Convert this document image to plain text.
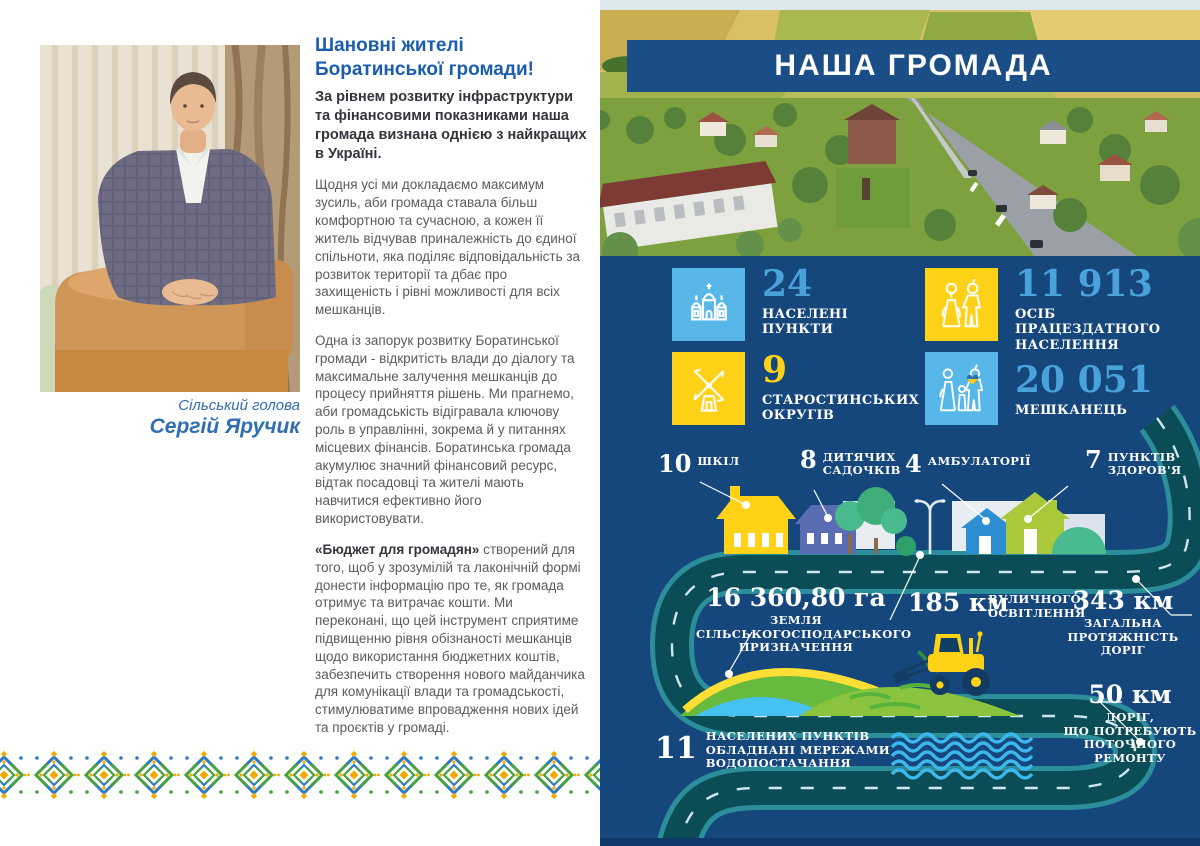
Сільський голова
Сергій Яручик
Шановні жителі
Боратинської громади!
За рівнем розвитку інфраструктури та фінансовими показниками наша громада визнана однією з найкращих в Україні.
Щодня усі ми докладаємо максимум зусиль, аби громада ставала більш комфортною та сучасною, а кожен її житель відчував приналежність до єдиної спільноти, яка поділяє відповідальність за розвиток території та дбає про захищеність і рівні можливості для всіх мешканців.
Одна із запорук розвитку Боратинської громади - відкритість влади до діалогу та максимальне залучення мешканців до процесу прийняття рішень. Ми прагнемо, аби громадськість відігравала ключову роль в управлінні, зокрема й у питаннях місцевих фінансів. Боратинська громада акумулює значний фінансовий ресурс, відтак посадовці та жителі мають навчитися ефективно його використовувати.
«Бюджет для громадян» створений для того, щоб у зрозумілій та лаконічній формі донести інформацію про те, як громада отримує та витрачає кошти. Ми переконані, що цей інструмент сприятиме підвищенню рівня обізнаності мешканців щодо використання бюджетних коштів, забезпечить створення нового майданчика для комунікації влади та громадськості, стимулюватиме впровадження нових ідей та проєктів у громаді.
НАША ГРОМАДА
24
НАСЕЛЕНІ
ПУНКТИ
11 913
ОСІБ ПРАЦЕЗДАТНОГО
НАСЕЛЕННЯ
9
СТАРОСТИНСЬКИХ
ОКРУГІВ
20 051
МЕШКАНЕЦЬ
10 ШКІЛ	8 ДИТЯЧИХ
САДОЧКІВ 4 АМБУЛАТОРІЇ 7 ПУНКТІВ
ЗДОРОВ'Я
16 360,80 га
ЗЕМЛЯ
СІЛЬСЬКОГОСПОДАРСЬКОГО
ПРИЗНАЧЕННЯ
185 км
ВУЛИЧНОГО
ОСВІТЛЕННЯ
343 км
ЗАГАЛЬНА
ПРОТЯЖНІСТЬ
ДОРІГ
50 км
ДОРІГ,
ЩО ПОТРЕБУЮТЬ
ПОТОЧНОГО
РЕМОНТУ
11 НАСЕЛЕНИХ ПУНКТІВ
ОБЛАДНАНІ МЕРЕЖАМИ
ВОДОПОСТАЧАННЯ
